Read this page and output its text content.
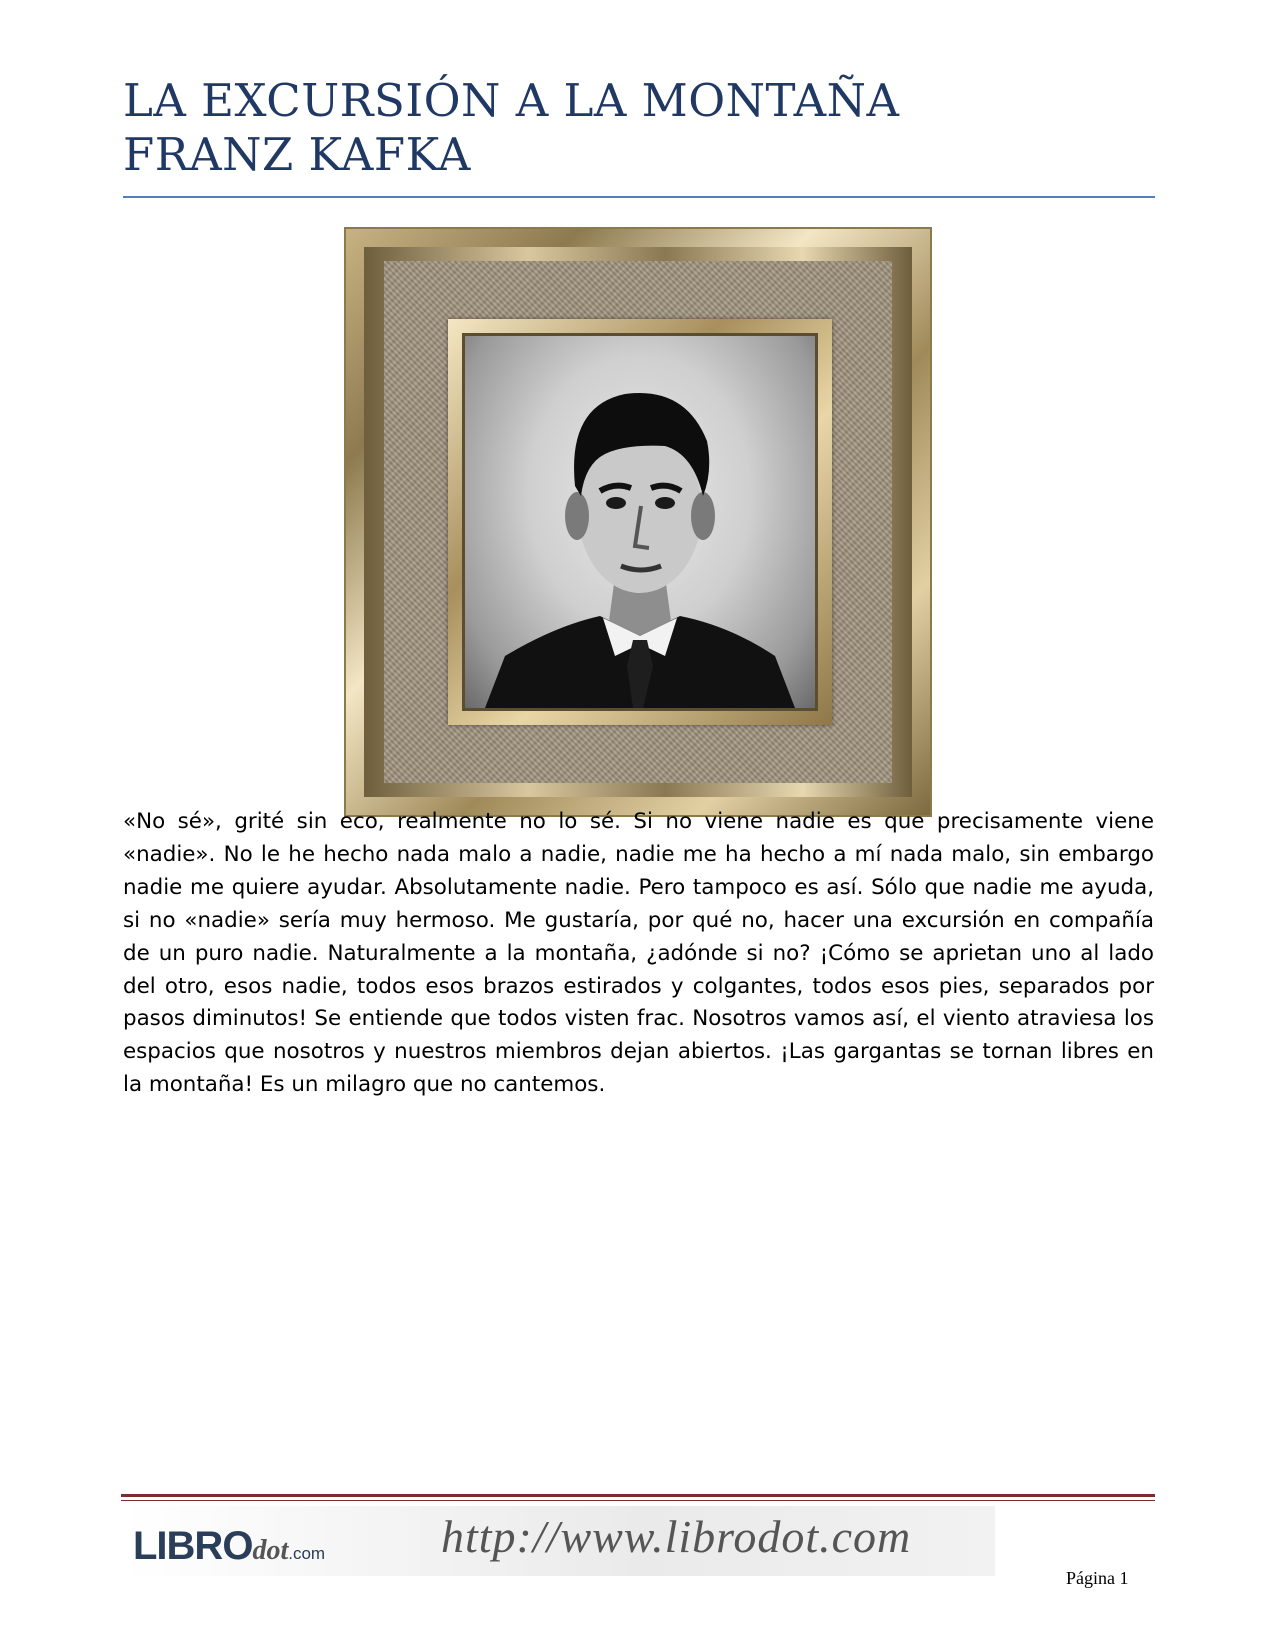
LA EXCURSIÓN A LA MONTAÑA
FRANZ KAFKA

«No sé», grité sin eco, realmente no lo sé. Si no viene nadie es que precisamente viene «nadie». No le he hecho nada malo a nadie, nadie me ha hecho a mí nada malo, sin embargo nadie me quiere ayudar. Absolutamente nadie. Pero tampoco es así. Sólo que nadie me ayuda, si no «nadie» sería muy hermoso. Me gustaría, por qué no, hacer una excursión en compañía de un puro nadie. Naturalmente a la montaña, ¿adónde si no? ¡Cómo se aprietan uno al lado del otro, esos nadie, todos esos brazos estirados y colgantes, todos esos pies, separados por pasos diminutos! Se entiende que todos visten frac. Nosotros vamos así, el viento atraviesa los espacios que nosotros y nuestros miembros dejan abiertos. ¡Las gargantas se tornan libres en la montaña! Es un milagro que no cantemos.

LIBROdot.com	http://www.librodot.com
Página 1
